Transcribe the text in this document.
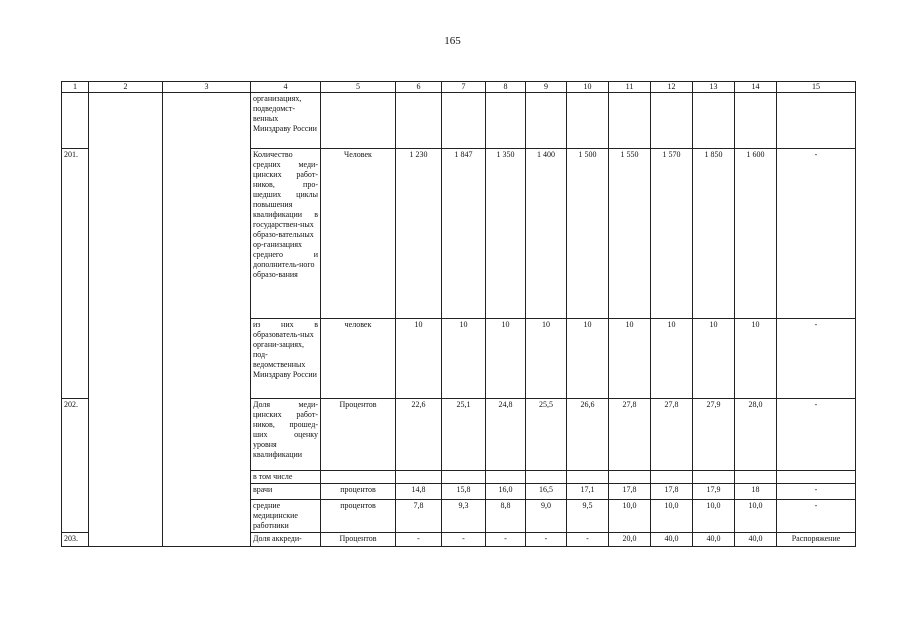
165
1	2	3	4	5	6	7	8	9	10	11	12	13	14	15
			организациях, подведомст-венных Минздраву России											
201.			Количество средних меди-цинских работ-ников, про-шедших циклы повышения квалификации в государствен-ных образо-вательных ор-ганизациях среднего и дополнитель-ного образо-вания	Человек	1 230	1 847	1 350	1 400	1 500	1 550	1 570	1 850	1 600	-
			из них в образователь-ных органи-зациях, под-ведомственных Минздраву России	человек	10	10	10	10	10	10	10	10	10	-
202.			Доля меди-цинских работ-ников, прошед-ших оценку уровня квалификации	Процентов	22,6	25,1	24,8	25,5	26,6	27,8	27,8	27,9	28,0	-
			в том числе											
			врачи	процентов	14,8	15,8	16,0	16,5	17,1	17,8	17,8	17,9	18	-
			средние медицинские работники	процентов	7,8	9,3	8,8	9,0	9,5	10,0	10,0	10,0	10,0	-
203.			Доля аккреди-	Процентов	-	-	-	-	-	20,0	40,0	40,0	40,0	Распоряжение
